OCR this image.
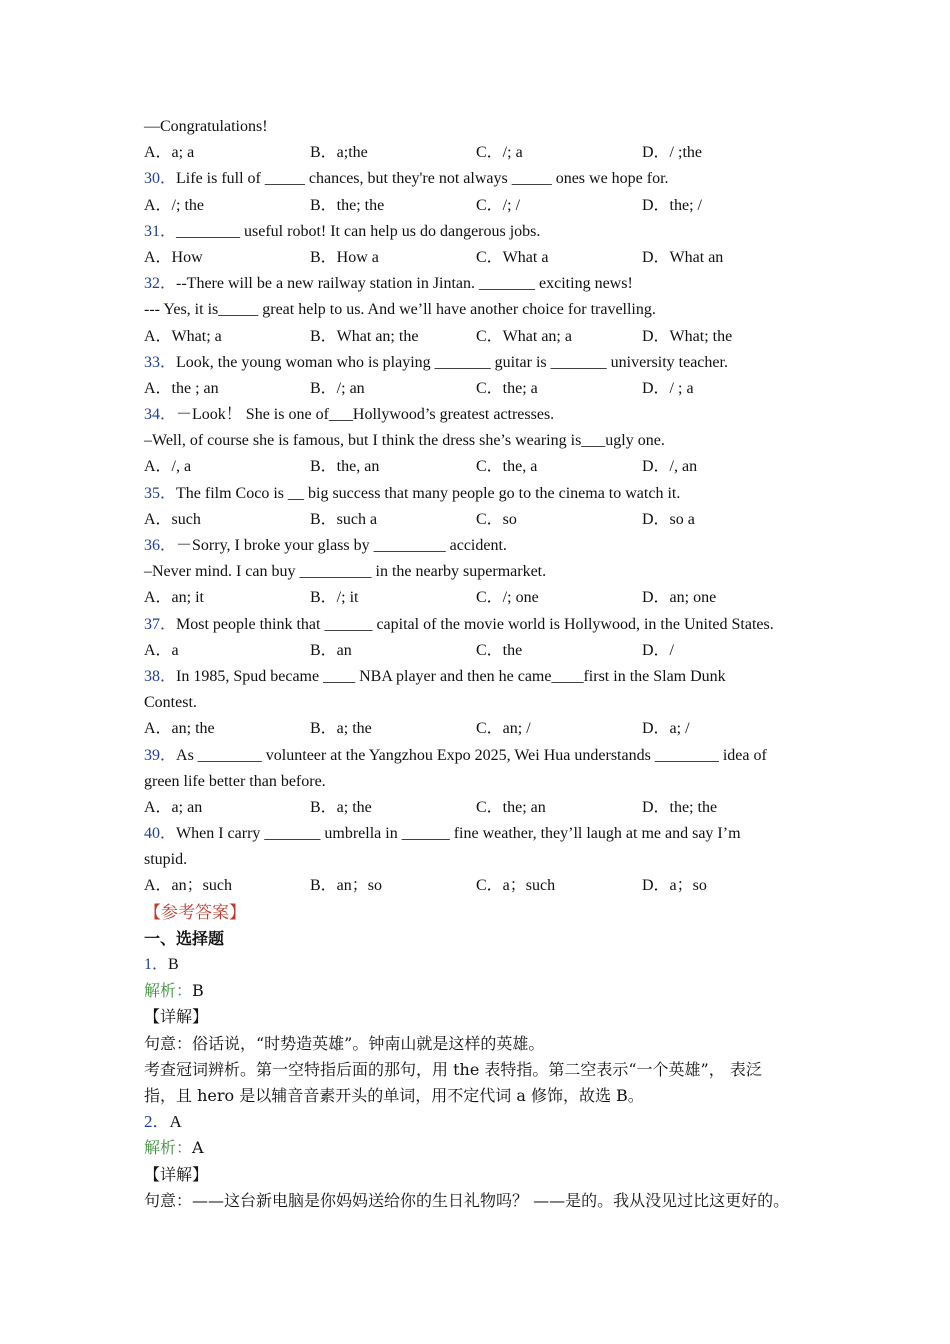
—Congratulations!
A．a; a	B．a;the	C．/; a	D．/ ;the
30．Life is full of _____ chances, but they're not always _____ ones we hope for.
A．/; the	B．the; the	C．/; /	D．the; /
31．________ useful robot! It can help us do dangerous jobs.
A．How	B．How a	C．What a	D．What an
32．--There will be a new railway station in Jintan. _______ exciting news!
--- Yes, it is_____ great help to us. And we’ll have another choice for travelling.
A．What; a	B．What an; the	C．What an; a	D．What; the
33．Look, the young woman who is playing _______ guitar is _______ university teacher.
A．the ; an	B．/; an	C．the; a	D．/ ; a
34．－Look！ She is one of___Hollywood’s greatest actresses.
–Well, of course she is famous, but I think the dress she’s wearing is___ugly one.
A．/, a	B．the, an	C．the, a	D．/, an
35．The film Coco is __ big success that many people go to the cinema to watch it.
A．such	B．such a	C．so	D．so a
36．－Sorry, I broke your glass by _________ accident.
–Never mind. I can buy _________ in the nearby supermarket.
A．an; it	B．/; it	C．/; one	D．an; one
37．Most people think that ______ capital of the movie world is Hollywood, in the United States.
A．a	B．an	C．the	D．/
38．In 1985, Spud became ____ NBA player and then he came____first in the Slam Dunk
Contest.
A．an; the	B．a; the	C．an; /	D．a; /
39．As ________ volunteer at the Yangzhou Expo 2025, Wei Hua understands ________ idea of
green life better than before.
A．a; an	B．a; the	C．the; an	D．the; the
40．When I carry _______ umbrella in ______ fine weather, they’ll laugh at me and say I’m
stupid.
A．an；such	B．an；so	C．a；such	D．a；so
【参考答案】
一、选择题
1．B
解析：B
【详解】
句意：俗话说，“时势造英雄”。钟南山就是这样的英雄。
考查冠词辨析。第一空特指后面的那句，用 the 表特指。第二空表示“一个英雄”， 表泛
指，且 hero 是以辅音音素开头的单词，用不定代词 a 修饰，故选 B。
2．A
解析：A
【详解】
句意：——这台新电脑是你妈妈送给你的生日礼物吗？ ——是的。我从没见过比这更好的。
